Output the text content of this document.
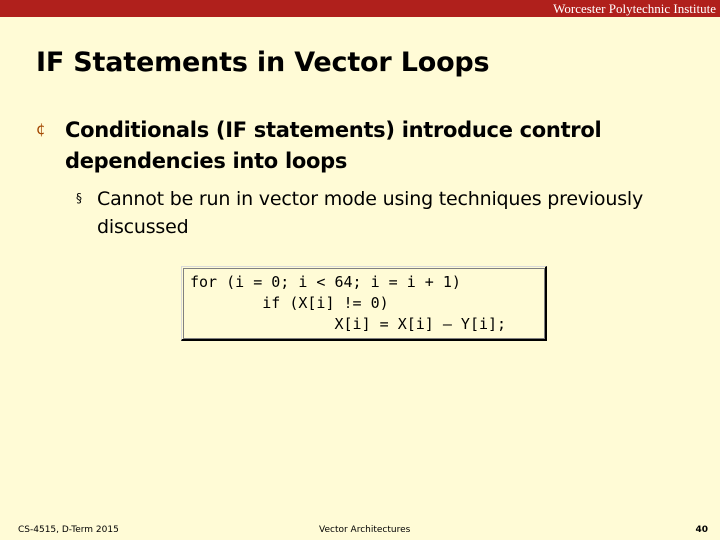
Worcester Polytechnic Institute
IF Statements in Vector Loops
¢ Conditionals (IF statements) introduce control dependencies into loops
§ Cannot be run in vector mode using techniques previously discussed
for (i = 0; i < 64; i = i + 1)
if (X[i] != 0)
X[i] = X[i] – Y[i];
CS-4515, D-Term 2015	Vector Architectures	40
